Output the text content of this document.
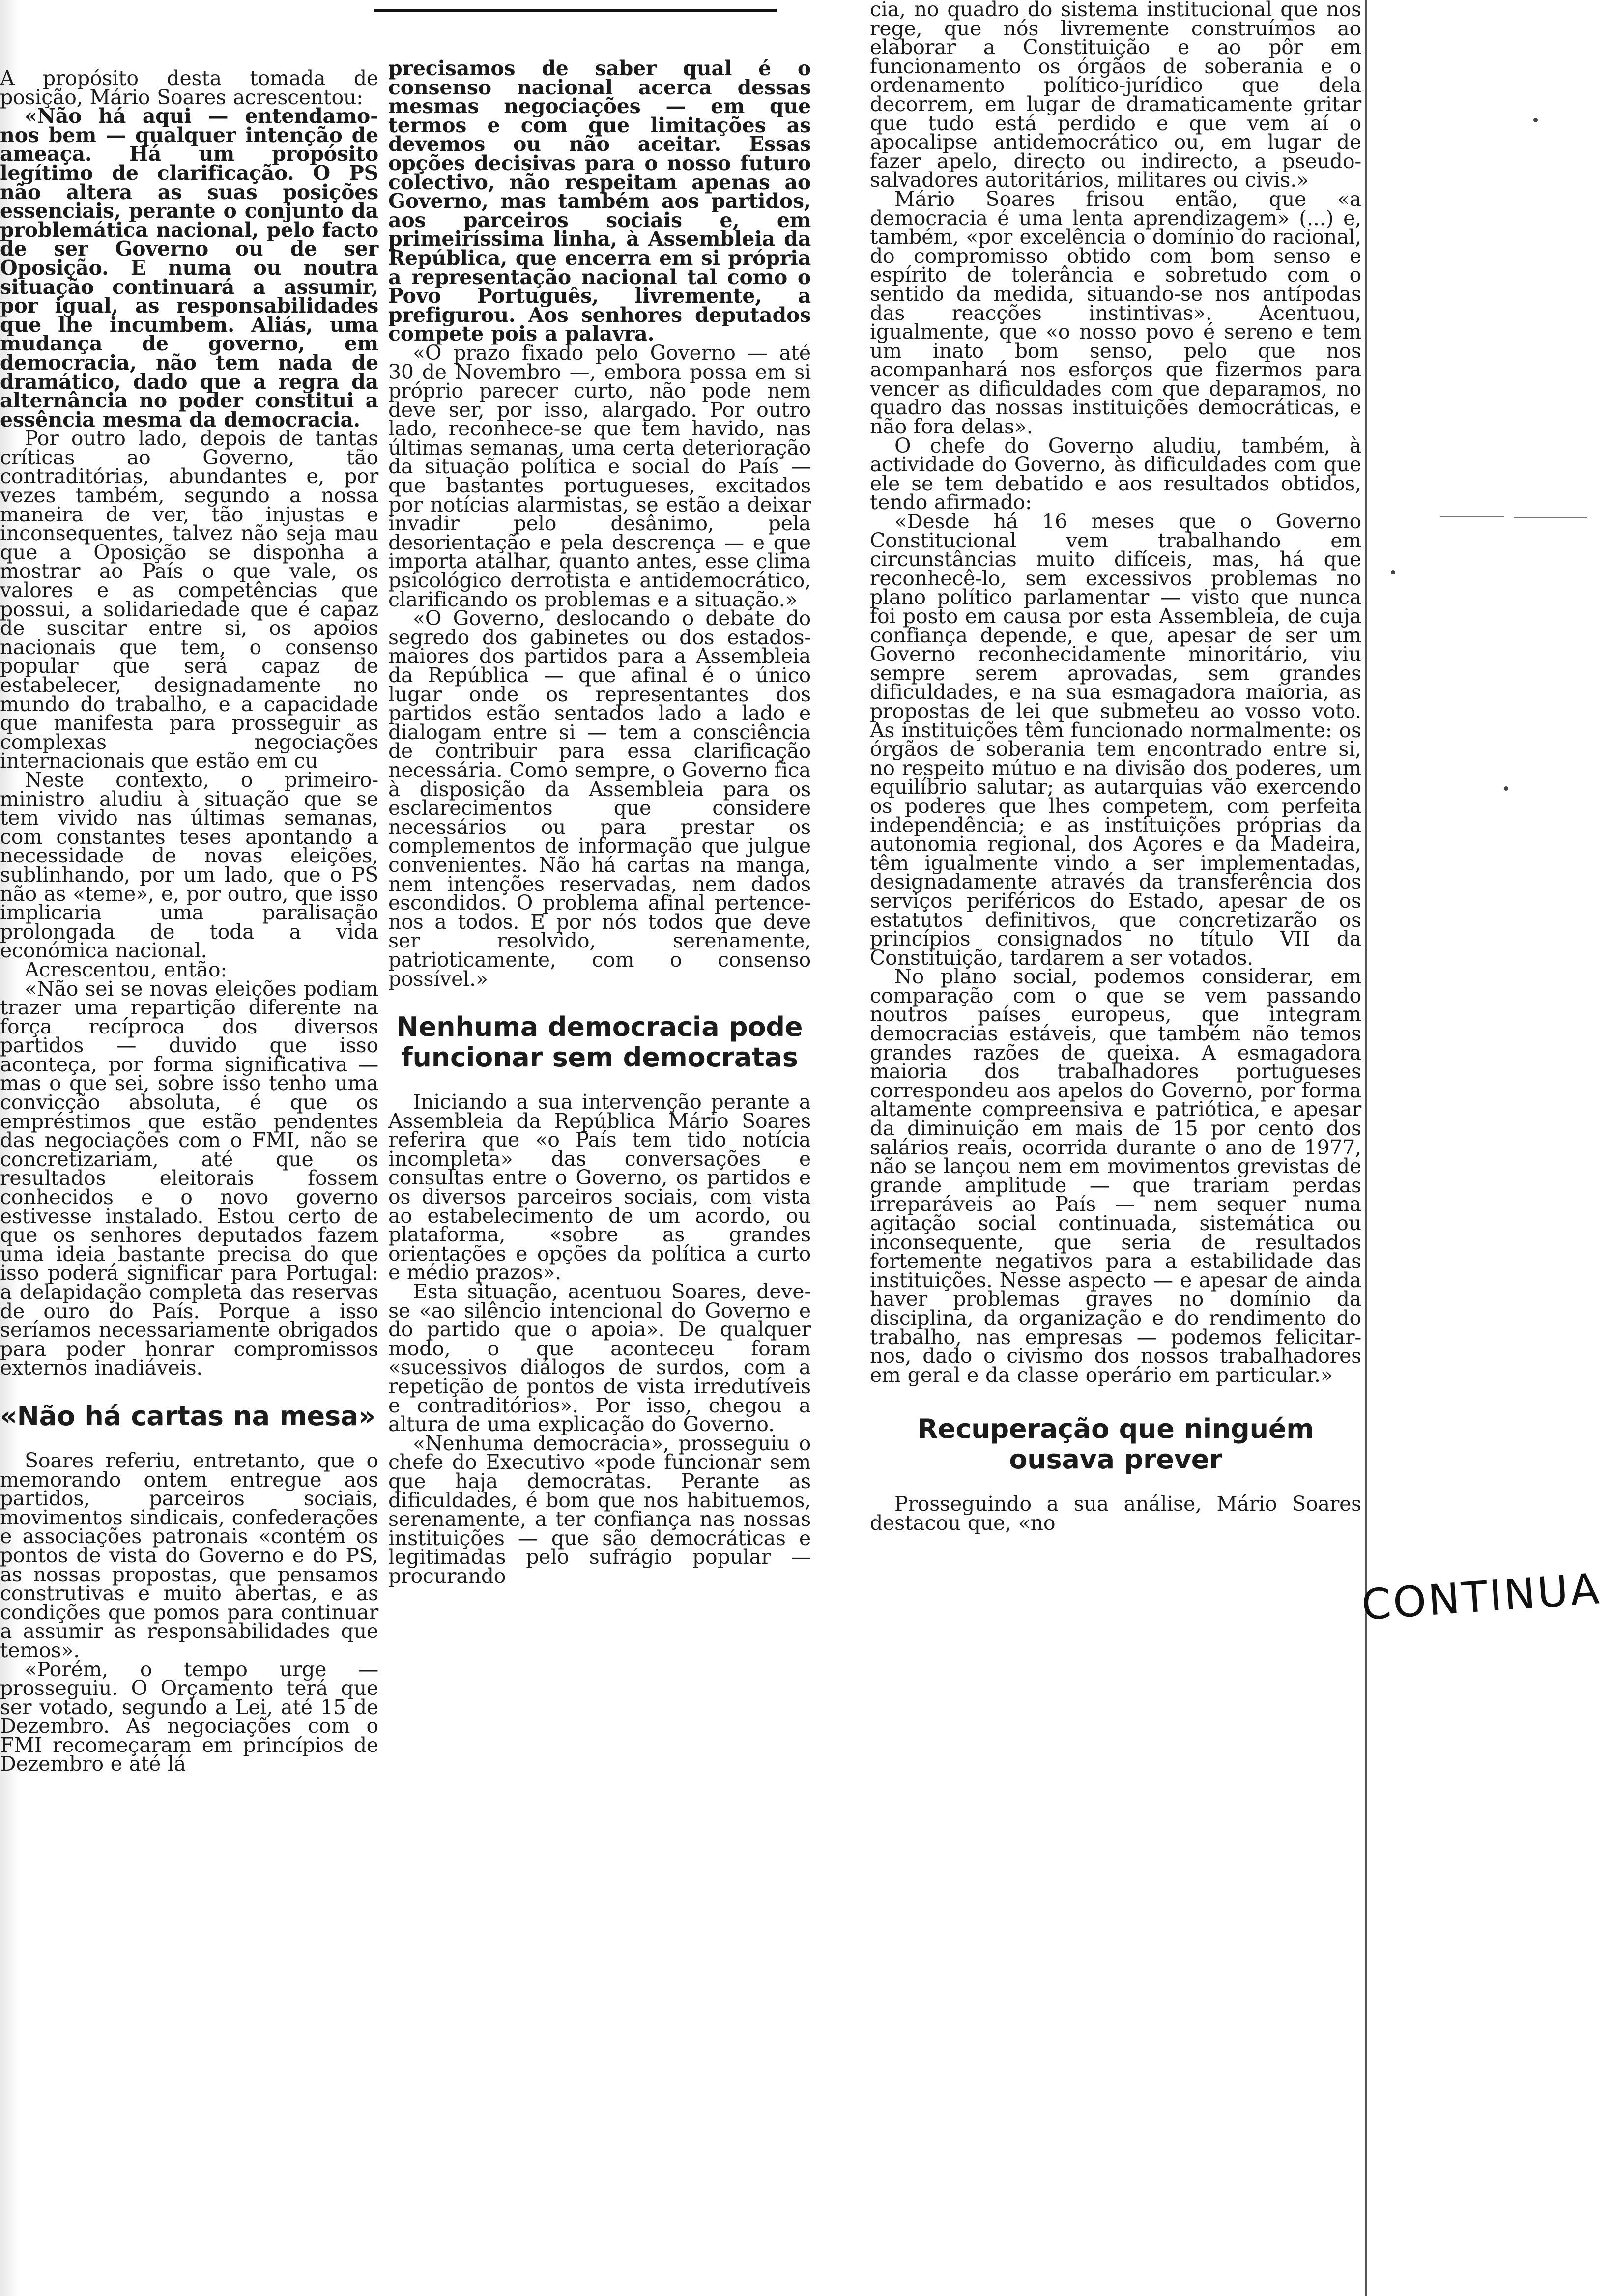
A propósito desta tomada de posição, Mário Soares acrescentou:

«Não há aqui — entendamo-nos bem — qualquer intenção de ameaça. Há um propósito legítimo de clarificação. O PS não altera as suas posições essenciais, perante o conjunto da problemática nacional, pelo facto de ser Governo ou de ser Oposição. E numa ou noutra situação continuará a assumir, por igual, as responsabilidades que lhe incumbem. Aliás, uma mudança de governo, em democracia, não tem nada de dramático, dado que a regra da alternância no poder constitui a essência mesma da democracia.

Por outro lado, depois de tantas críticas ao Governo, tão contraditórias, abundantes e, por vezes também, segundo a nossa maneira de ver, tão injustas e inconsequentes, talvez não seja mau que a Oposição se disponha a mostrar ao País o que vale, os valores e as competências que possui, a solidariedade que é capaz de suscitar entre si, os apoios nacionais que tem, o consenso popular que será capaz de estabelecer, designadamente no mundo do trabalho, e a capacidade que manifesta para prosseguir as complexas negociações internacionais que estão em cu

Neste contexto, o primeiro-ministro aludiu à situação que se tem vivido nas últimas semanas, com constantes teses apontando a necessidade de novas eleições, sublinhando, por um lado, que o PS não as «teme», e, por outro, que isso implicaria uma paralisação prolongada de toda a vida económica nacional.

Acrescentou, então:

«Não sei se novas eleições podiam trazer uma repartição diferente na força recíproca dos diversos partidos — duvido que isso aconteça, por forma significativa — mas o que sei, sobre isso tenho uma convicção absoluta, é que os empréstimos que estão pendentes das negociações com o FMI, não se concretizariam, até que os resultados eleitorais fossem conhecidos e o novo governo estivesse instalado. Estou certo de que os senhores deputados fazem uma ideia bastante precisa do que isso poderá significar para Portugal: a delapidação completa das reservas de ouro do País. Porque a isso seríamos necessariamente obrigados para poder honrar compromissos externos inadiáveis.

«Não há cartas na mesa»

Soares referiu, entretanto, que o memorando ontem entregue aos partidos, parceiros sociais, movimentos sindicais, confederações e associações patronais «contém os pontos de vista do Governo e do PS, as nossas propostas, que pensamos construtivas e muito abertas, e as condições que pomos para continuar a assumir as responsabilidades que temos».

«Porém, o tempo urge — prosseguiu. O Orçamento terá que ser votado, segundo a Lei, até 15 de Dezembro. As negociações com o FMI recomeçaram em princípios de Dezembro e até lá

precisamos de saber qual é o consenso nacional acerca dessas mesmas negociações — em que termos e com que limitações as devemos ou não aceitar. Essas opções decisivas para o nosso futuro colectivo, não respeitam apenas ao Governo, mas também aos partidos, aos parceiros sociais e, em primeiríssima linha, à Assembleia da República, que encerra em si própria a representação nacional tal como o Povo Português, livremente, a prefigurou. Aos senhores deputados compete pois a palavra.

«O prazo fixado pelo Governo — até 30 de Novembro —, embora possa em si próprio parecer curto, não pode nem deve ser, por isso, alargado. Por outro lado, reconhece-se que tem havido, nas últimas semanas, uma certa deterioração da situação política e social do País — que bastantes portugueses, excitados por notícias alarmistas, se estão a deixar invadir pelo desânimo, pela desorientação e pela descrença — e que importa atalhar, quanto antes, esse clima psicológico derrotista e antidemocrático, clarificando os problemas e a situação.»

«O Governo, deslocando o debate do segredo dos gabinetes ou dos estados-maiores dos partidos para a Assembleia da República — que afinal é o único lugar onde os representantes dos partidos estão sentados lado a lado e dialogam entre si — tem a consciência de contribuir para essa clarificação necessária. Como sempre, o Governo fica à disposição da Assembleia para os esclarecimentos que considere necessários ou para prestar os complementos de informação que julgue convenientes. Não há cartas na manga, nem intenções reservadas, nem dados escondidos. O problema afinal pertence-nos a todos. E por nós todos que deve ser resolvido, serenamente, patrioticamente, com o consenso possível.»

Nenhuma democracia pode funcionar sem democratas

Iniciando a sua intervenção perante a Assembleia da República Mário Soares referira que «o País tem tido notícia incompleta» das conversações e consultas entre o Governo, os partidos e os diversos parceiros sociais, com vista ao estabelecimento de um acordo, ou plataforma, «sobre as grandes orientações e opções da política a curto e médio prazos».

Esta situação, acentuou Soares, deve-se «ao silêncio intencional do Governo e do partido que o apoia». De qualquer modo, o que aconteceu foram «sucessivos diálogos de surdos, com a repetição de pontos de vista irredutíveis e contraditórios». Por isso, chegou a altura de uma explicação do Governo.

«Nenhuma democracia», prosseguiu o chefe do Executivo «pode funcionar sem que haja democratas. Perante as dificuldades, é bom que nos habituemos, serenamente, a ter confiança nas nossas instituições — que são democráticas e legitimadas pelo sufrágio popular — procurando

cia, no quadro do sistema institucional que nos rege, que nós livremente construímos ao elaborar a Constituição e ao pôr em funcionamento os órgãos de soberania e o ordenamento político-jurídico que dela decorrem, em lugar de dramaticamente gritar que tudo está perdido e que vem aí o apocalipse antidemocrático ou, em lugar de fazer apelo, directo ou indirecto, a pseudo-salvadores autoritários, militares ou civis.»

Mário Soares frisou então, que «a democracia é uma lenta aprendizagem» (...) e, também, «por excelência o domínio do racional, do compromisso obtido com bom senso e espírito de tolerância e sobretudo com o sentido da medida, situando-se nos antípodas das reacções instintivas». Acentuou, igualmente, que «o nosso povo é sereno e tem um inato bom senso, pelo que nos acompanhará nos esforços que fizermos para vencer as dificuldades com que deparamos, no quadro das nossas instituições democráticas, e não fora delas».

O chefe do Governo aludiu, também, à actividade do Governo, às dificuldades com que ele se tem debatido e aos resultados obtidos, tendo afirmado:

«Desde há 16 meses que o Governo Constitucional vem trabalhando em circunstâncias muito difíceis, mas, há que reconhecê-lo, sem excessivos problemas no plano político parlamentar — visto que nunca foi posto em causa por esta Assembleia, de cuja confiança depende, e que, apesar de ser um Governo reconhecidamente minoritário, viu sempre serem aprovadas, sem grandes dificuldades, e na sua esmagadora maioria, as propostas de lei que submeteu ao vosso voto. As instituições têm funcionado normalmente: os órgãos de soberania tem encontrado entre si, no respeito mútuo e na divisão dos poderes, um equilíbrio salutar; as autarquias vão exercendo os poderes que lhes competem, com perfeita independência; e as instituições próprias da autonomia regional, dos Açores e da Madeira, têm igualmente vindo a ser implementadas, designadamente através da transferência dos serviços periféricos do Estado, apesar de os estatutos definitivos, que concretizarão os princípios consignados no título VII da Constituição, tardarem a ser votados.

No plano social, podemos considerar, em comparação com o que se vem passando noutros países europeus, que integram democracias estáveis, que também não temos grandes razões de queixa. A esmagadora maioria dos trabalhadores portugueses correspondeu aos apelos do Governo, por forma altamente compreensiva e patriótica, e apesar da diminuição em mais de 15 por cento dos salários reais, ocorrida durante o ano de 1977, não se lançou nem em movimentos grevistas de grande amplitude — que trariam perdas irreparáveis ao País — nem sequer numa agitação social continuada, sistemática ou inconsequente, que seria de resultados fortemente negativos para a estabilidade das instituições. Nesse aspecto — e apesar de ainda haver problemas graves no domínio da disciplina, da organização e do rendimento do trabalho, nas empresas — podemos felicitar-nos, dado o civismo dos nossos trabalhadores em geral e da classe operário em particular.»

Recuperação que ninguém ousava prever

Prosseguindo a sua análise, Mário Soares destacou que, «no

CONTINUA
